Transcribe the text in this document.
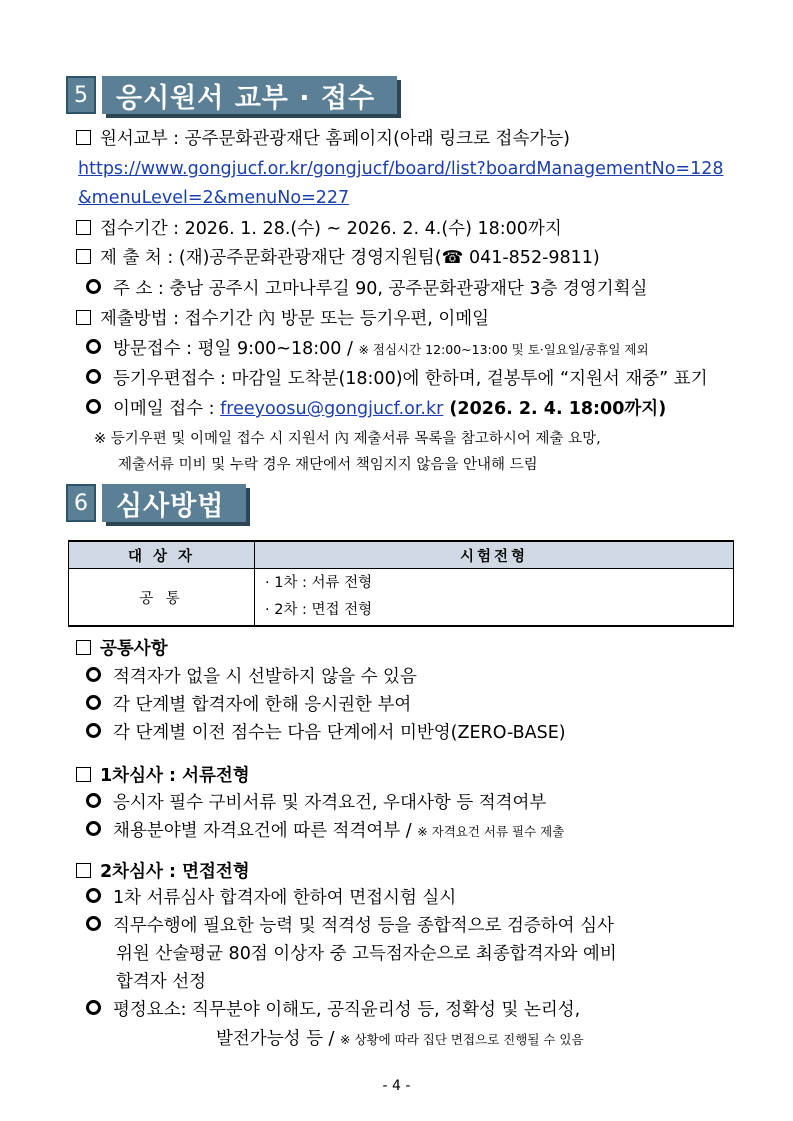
5	응시원서 교부 · 접수
원서교부 : 공주문화관광재단 홈페이지(아래 링크로 접속가능)
https://www.gongjucf.or.kr/gongjucf/board/list?boardManagementNo=128
&menuLevel=2&menuNo=227
접수기간 : 2026. 1. 28.(수) ~ 2026. 2. 4.(수) 18:00까지
제 출 처 : (재)공주문화관광재단 경영지원팀(☎ 041-852-9811)
주 소 : 충남 공주시 고마나루길 90, 공주문화관광재단 3층 경영기획실
제출방법 : 접수기간 內 방문 또는 등기우편, 이메일
방문접수 : 평일 9:00~18:00 / ※ 점심시간 12:00~13:00 및 토·일요일/공휴일 제외
등기우편접수 : 마감일 도착분(18:00)에 한하며, 겉봉투에 “지원서 재중” 표기
이메일 접수 : freeyoosu@gongjucf.or.kr (2026. 2. 4. 18:00까지)
※ 등기우편 및 이메일 접수 시 지원서 內 제출서류 목록을 참고하시어 제출 요망,
제출서류 미비 및 누락 경우 재단에서 책임지지 않음을 안내해 드림
6	심사방법
대 상 자	시험전형
공 통	· 1차 : 서류 전형
· 2차 : 면접 전형
공통사항
적격자가 없을 시 선발하지 않을 수 있음
각 단계별 합격자에 한해 응시권한 부여
각 단계별 이전 점수는 다음 단계에서 미반영(ZERO-BASE)
1차심사 : 서류전형
응시자 필수 구비서류 및 자격요건, 우대사항 등 적격여부
채용분야별 자격요건에 따른 적격여부 / ※ 자격요건 서류 필수 제출
2차심사 : 면접전형
1차 서류심사 합격자에 한하여 면접시험 실시
직무수행에 필요한 능력 및 적격성 등을 종합적으로 검증하여 심사
위원 산술평균 80점 이상자 중 고득점자순으로 최종합격자와 예비
합격자 선정
평정요소: 직무분야 이해도, 공직윤리성 등, 정확성 및 논리성,
발전가능성 등 / ※ 상황에 따라 집단 면접으로 진행될 수 있음
- 4 -
